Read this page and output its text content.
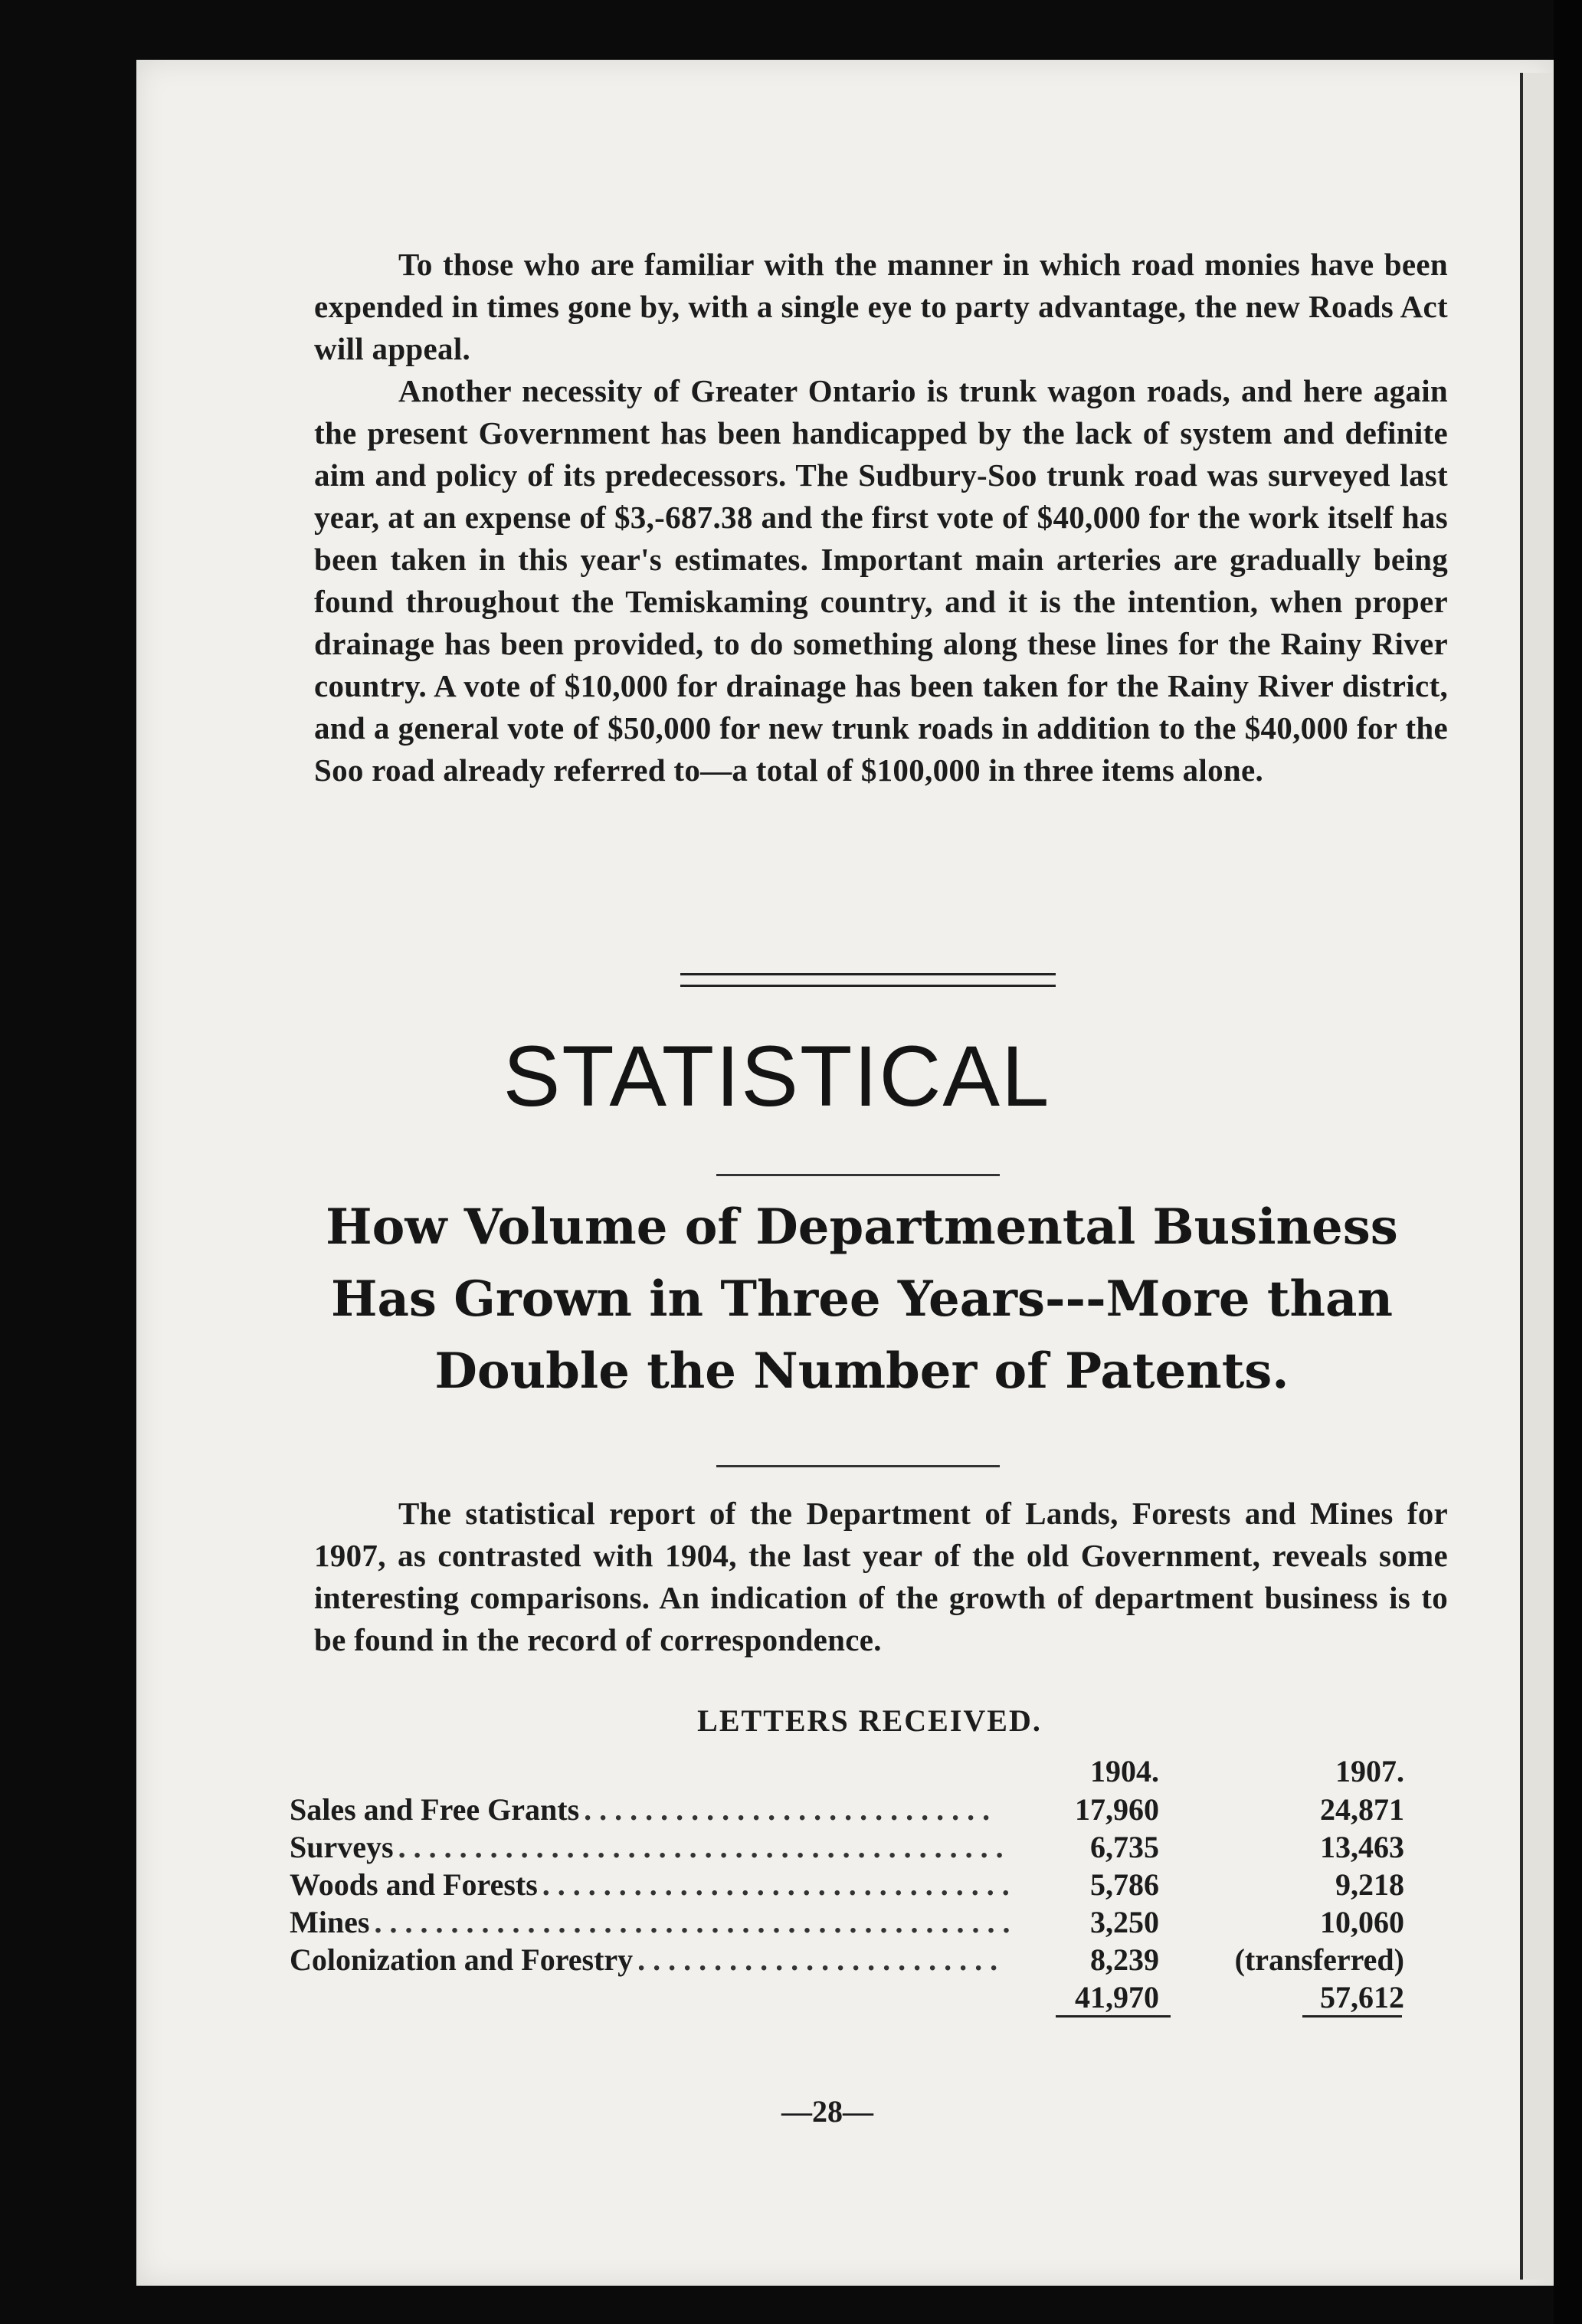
To those who are familiar with the manner in which road monies have been expended in times gone by, with a single eye to party advantage, the new Roads Act will appeal.

Another necessity of Greater Ontario is trunk wagon roads, and here again the present Government has been handicapped by the lack of system and definite aim and policy of its predecessors. The Sudbury-Soo trunk road was surveyed last year, at an expense of $3,-687.38 and the first vote of $40,000 for the work itself has been taken in this year's estimates. Important main arteries are gradually being found throughout the Temiskaming country, and it is the intention, when proper drainage has been provided, to do something along these lines for the Rainy River country. A vote of $10,000 for drainage has been taken for the Rainy River district, and a general vote of $50,000 for new trunk roads in addition to the $40,000 for the Soo road already referred to—a total of $100,000 in three items alone.

STATISTICAL
How Volume of Departmental Business Has Grown in Three Years---More than Double the Number of Patents.

The statistical report of the Department of Lands, Forests and Mines for 1907, as contrasted with 1904, the last year of the old Government, reveals some interesting comparisons. An indication of the growth of department business is to be found in the record of correspondence.

LETTERS RECEIVED.
	1904.	1907.
Sales and Free Grants . . . . . . . . . . . . . . . . . . . . . . . . . . .	17,960	24,871
Surveys . . . . . . . . . . . . . . . . . . . . . . . . . . . . . . . . . . . . . . . .	6,735	13,463
Woods and Forests . . . . . . . . . . . . . . . . . . . . . . . . . . . . . . .	5,786	9,218
Mines . . . . . . . . . . . . . . . . . . . . . . . . . . . . . . . . . . . . . . . . . .	3,250	10,060
Colonization and Forestry . . . . . . . . . . . . . . . . . . . . . . . .	8,239	(transferred)
	41,970	57,612
—28—
